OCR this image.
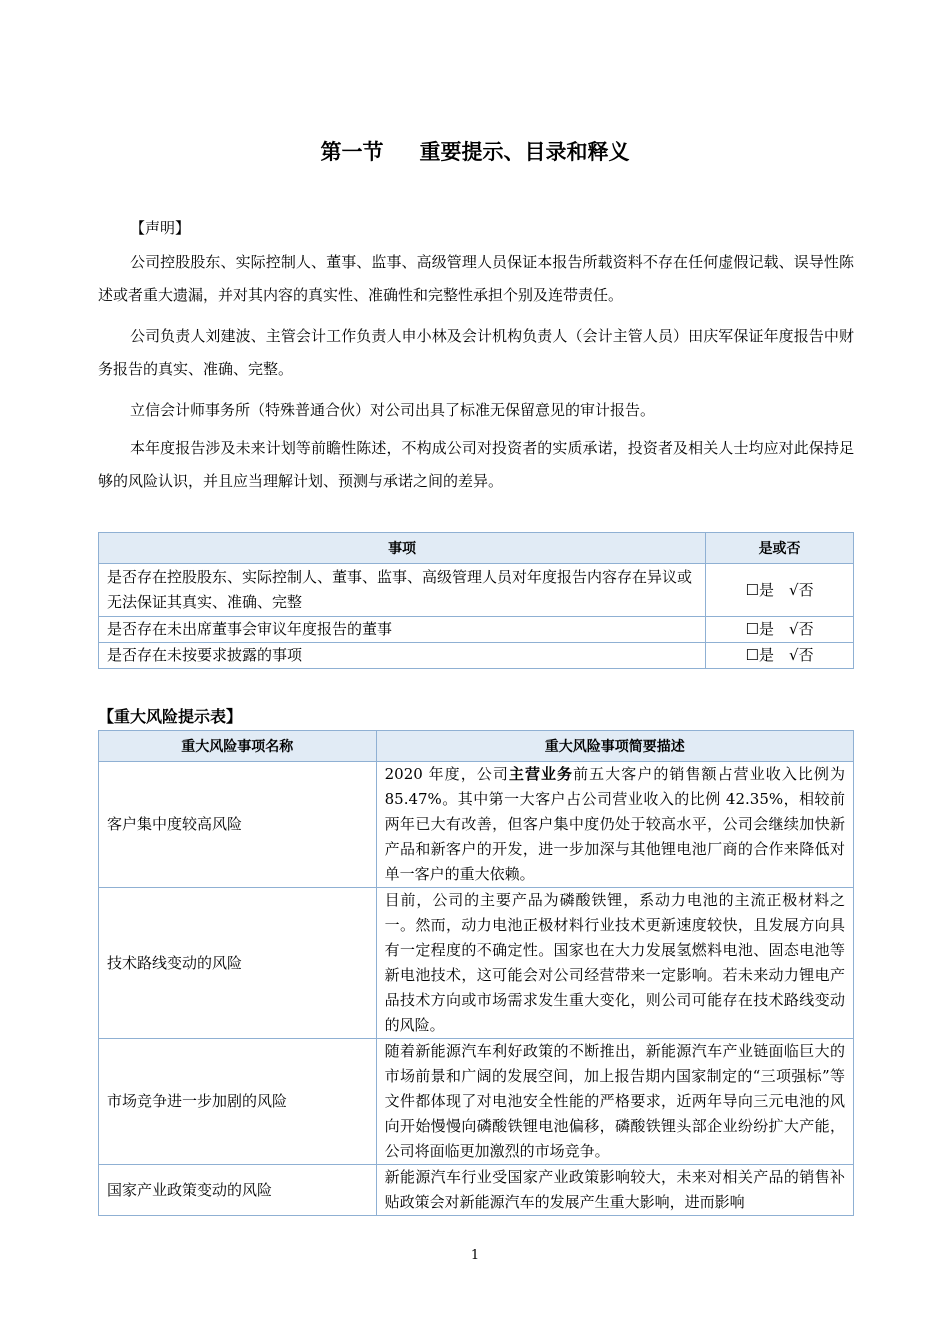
第一节 重要提示、目录和释义
【声明】

公司控股股东、实际控制人、董事、监事、高级管理人员保证本报告所载资料不存在任何虚假记载、误导性陈述或者重大遗漏，并对其内容的真实性、准确性和完整性承担个别及连带责任。

公司负责人刘建波、主管会计工作负责人申小林及会计机构负责人（会计主管人员）田庆军保证年度报告中财务报告的真实、准确、完整。

立信会计师事务所（特殊普通合伙）对公司出具了标准无保留意见的审计报告。

本年度报告涉及未来计划等前瞻性陈述，不构成公司对投资者的实质承诺，投资者及相关人士均应对此保持足够的风险认识，并且应当理解计划、预测与承诺之间的差异。

事项	是或否
是否存在控股股东、实际控制人、董事、监事、高级管理人员对年度报告内容存在异议或无法保证其真实、准确、完整	☐是　√否
是否存在未出席董事会审议年度报告的董事	☐是　√否
是否存在未按要求披露的事项	☐是　√否
【重大风险提示表】
重大风险事项名称	重大风险事项简要描述
客户集中度较高风险	2020 年度，公司主营业务前五大客户的销售额占营业收入比例为 85.47%。其中第一大客户占公司营业收入的比例 42.35%，相较前两年已大有改善，但客户集中度仍处于较高水平，公司会继续加快新产品和新客户的开发，进一步加深与其他锂电池厂商的合作来降低对单一客户的重大依赖。
技术路线变动的风险	目前，公司的主要产品为磷酸铁锂，系动力电池的主流正极材料之一。然而，动力电池正极材料行业技术更新速度较快，且发展方向具有一定程度的不确定性。国家也在大力发展氢燃料电池、固态电池等新电池技术，这可能会对公司经营带来一定影响。若未来动力锂电产品技术方向或市场需求发生重大变化，则公司可能存在技术路线变动的风险。
市场竞争进一步加剧的风险	随着新能源汽车利好政策的不断推出，新能源汽车产业链面临巨大的市场前景和广阔的发展空间，加上报告期内国家制定的“三项强标”等文件都体现了对电池安全性能的严格要求，近两年导向三元电池的风向开始慢慢向磷酸铁锂电池偏移，磷酸铁锂头部企业纷纷扩大产能，公司将面临更加激烈的市场竞争。
国家产业政策变动的风险	新能源汽车行业受国家产业政策影响较大，未来对相关产品的销售补贴政策会对新能源汽车的发展产生重大影响，进而影响
1
